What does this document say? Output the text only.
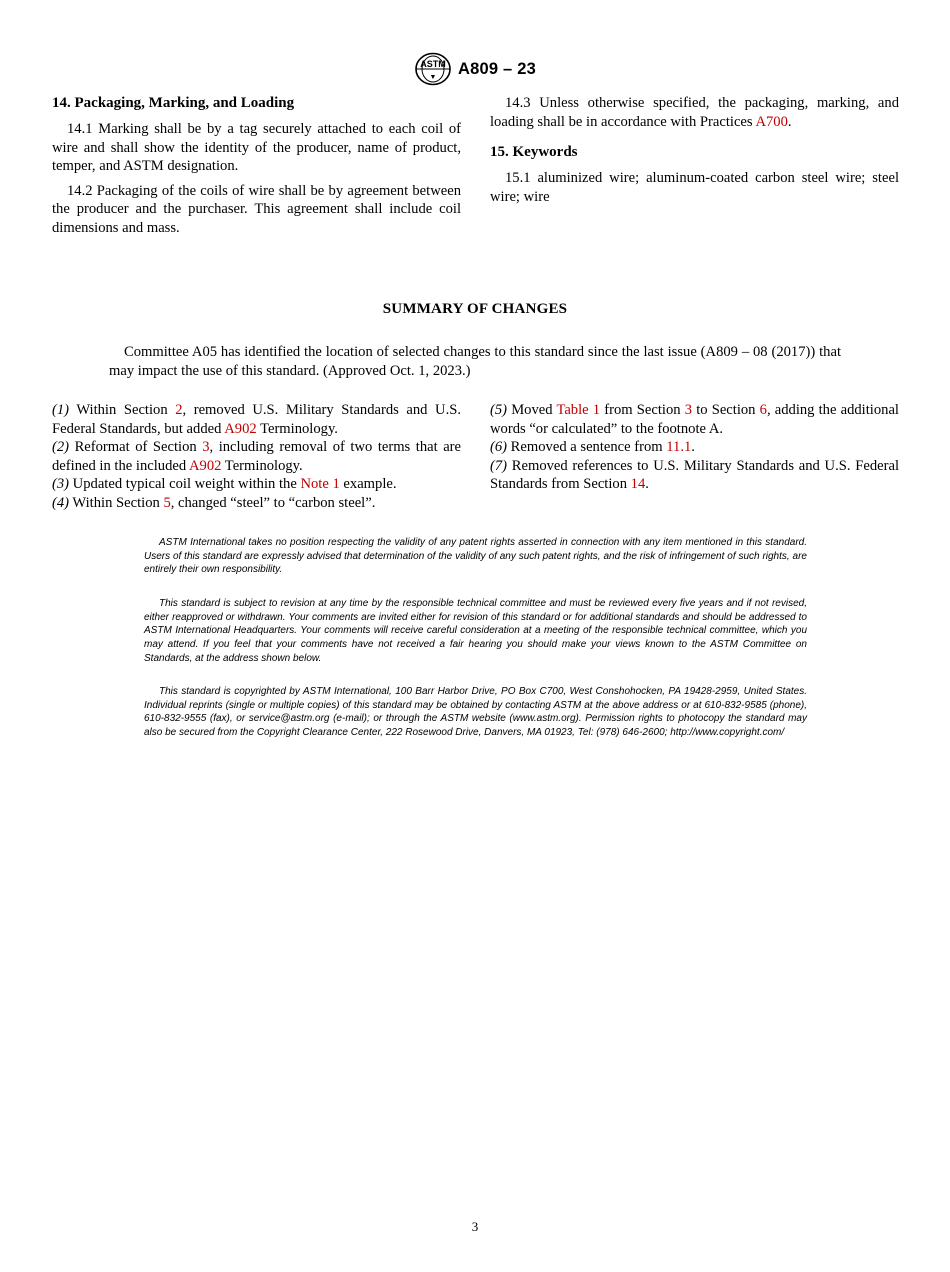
ASTM
▼ A809 – 23
14. Packaging, Marking, and Loading

14.1 Marking shall be by a tag securely attached to each coil of wire and shall show the identity of the producer, name of product, temper, and ASTM designation.

14.2 Packaging of the coils of wire shall be by agreement between the producer and the purchaser. This agreement shall include coil dimensions and mass.

14.3 Unless otherwise specified, the packaging, marking, and loading shall be in accordance with Practices A700.

15. Keywords

15.1 aluminized wire; aluminum-coated carbon steel wire; steel wire; wire

SUMMARY OF CHANGES

Committee A05 has identified the location of selected changes to this standard since the last issue (A809 – 08 (2017)) that may impact the use of this standard. (Approved Oct. 1, 2023.)

(1) Within Section 2, removed U.S. Military Standards and U.S. Federal Standards, but added A902 Terminology.

(2) Reformat of Section 3, including removal of two terms that are defined in the included A902 Terminology.

(3) Updated typical coil weight within the Note 1 example.

(4) Within Section 5, changed “steel” to “carbon steel”.

(5) Moved Table 1 from Section 3 to Section 6, adding the additional words “or calculated” to the footnote A.

(6) Removed a sentence from 11.1.

(7) Removed references to U.S. Military Standards and U.S. Federal Standards from Section 14.

ASTM International takes no position respecting the validity of any patent rights asserted in connection with any item mentioned in this standard. Users of this standard are expressly advised that determination of the validity of any such patent rights, and the risk of infringement of such rights, are entirely their own responsibility.

This standard is subject to revision at any time by the responsible technical committee and must be reviewed every five years and if not revised, either reapproved or withdrawn. Your comments are invited either for revision of this standard or for additional standards and should be addressed to ASTM International Headquarters. Your comments will receive careful consideration at a meeting of the responsible technical committee, which you may attend. If you feel that your comments have not received a fair hearing you should make your views known to the ASTM Committee on Standards, at the address shown below.

This standard is copyrighted by ASTM International, 100 Barr Harbor Drive, PO Box C700, West Conshohocken, PA 19428-2959, United States. Individual reprints (single or multiple copies) of this standard may be obtained by contacting ASTM at the above address or at 610-832-9585 (phone), 610-832-9555 (fax), or service@astm.org (e-mail); or through the ASTM website (www.astm.org). Permission rights to photocopy the standard may also be secured from the Copyright Clearance Center, 222 Rosewood Drive, Danvers, MA 01923, Tel: (978) 646-2600; http://www.copyright.com/

3
